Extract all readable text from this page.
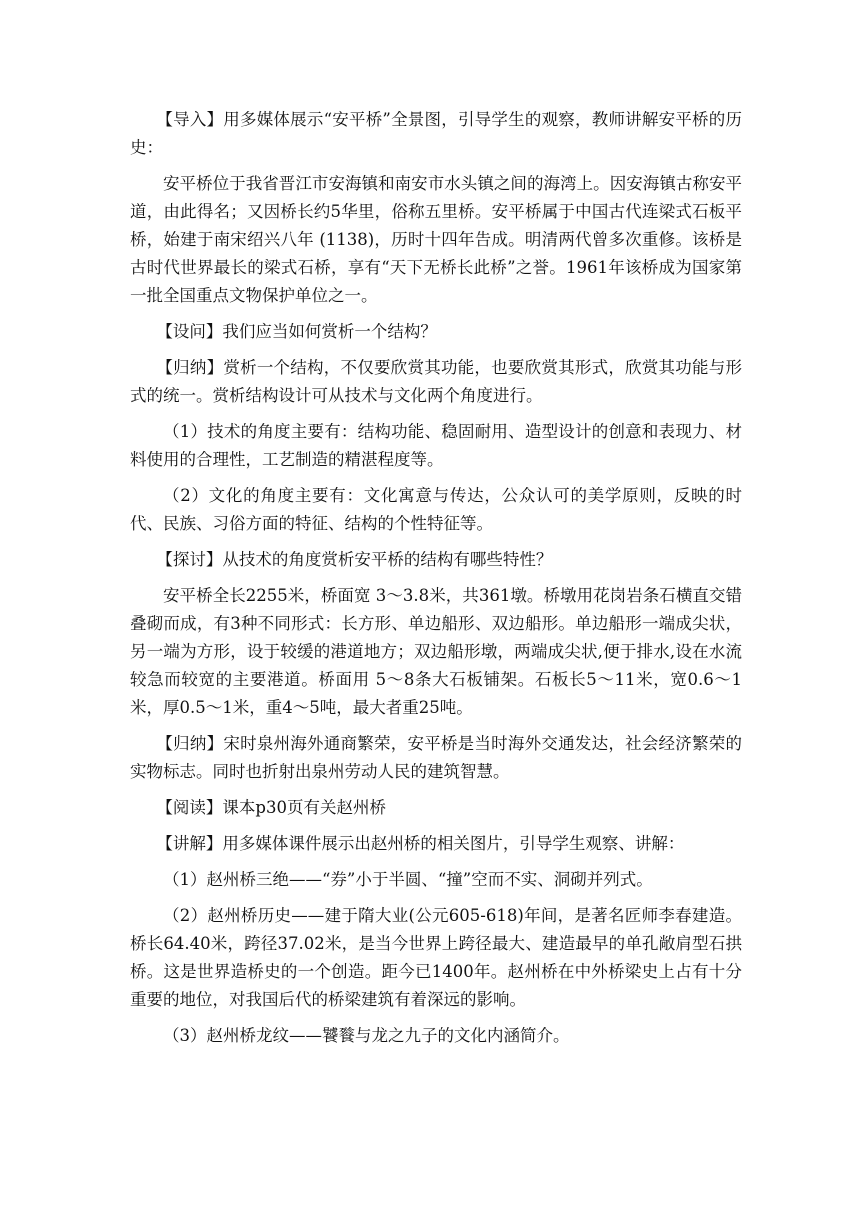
【导入】用多媒体展示“安平桥”全景图，引导学生的观察，教师讲解安平桥的历史：

安平桥位于我省晋江市安海镇和南安市水头镇之间的海湾上。因安海镇古称安平道，由此得名；又因桥长约5华里，俗称五里桥。安平桥属于中国古代连梁式石板平桥，始建于南宋绍兴八年 (1138)，历时十四年告成。明清两代曾多次重修。该桥是古时代世界最长的梁式石桥，享有“天下无桥长此桥”之誉。1961年该桥成为国家第一批全国重点文物保护单位之一。

【设问】我们应当如何赏析一个结构？

【归纳】赏析一个结构，不仅要欣赏其功能，也要欣赏其形式，欣赏其功能与形式的统一。赏析结构设计可从技术与文化两个角度进行。

（1）技术的角度主要有：结构功能、稳固耐用、造型设计的创意和表现力、材料使用的合理性，工艺制造的精湛程度等。

（2）文化的角度主要有：文化寓意与传达，公众认可的美学原则，反映的时代、民族、习俗方面的特征、结构的个性特征等。

【探讨】从技术的角度赏析安平桥的结构有哪些特性？

安平桥全长2255米，桥面宽 3～3.8米，共361墩。桥墩用花岗岩条石横直交错叠砌而成，有3种不同形式：长方形、单边船形、双边船形。单边船形一端成尖状，另一端为方形，设于较缓的港道地方；双边船形墩，两端成尖状,便于排水,设在水流较急而较宽的主要港道。桥面用 5～8条大石板铺架。石板长5～11米，宽0.6～1米，厚0.5～1米，重4～5吨，最大者重25吨。

【归纳】宋时泉州海外通商繁荣，安平桥是当时海外交通发达，社会经济繁荣的实物标志。同时也折射出泉州劳动人民的建筑智慧。

【阅读】课本p30页有关赵州桥

【讲解】用多媒体课件展示出赵州桥的相关图片，引导学生观察、讲解：

（1）赵州桥三绝——“券”小于半圆、“撞”空而不实、洞砌并列式。

（2）赵州桥历史——建于隋大业(公元605-618)年间，是著名匠师李春建造。桥长64.40米，跨径37.02米，是当今世界上跨径最大、建造最早的单孔敞肩型石拱桥。这是世界造桥史的一个创造。距今已1400年。赵州桥在中外桥梁史上占有十分重要的地位，对我国后代的桥梁建筑有着深远的影响。

（3）赵州桥龙纹——饕餮与龙之九子的文化内涵简介。
